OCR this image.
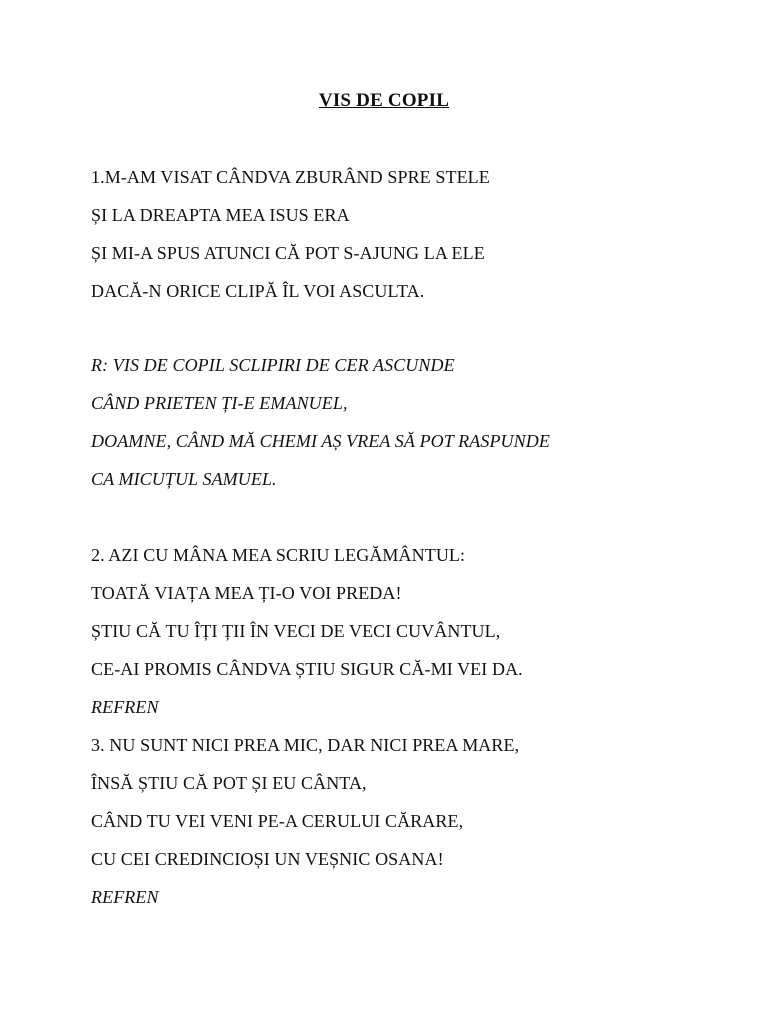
VIS DE COPIL
1.M-AM VISAT CÂNDVA ZBURÂND SPRE STELE
ȘI LA DREAPTA MEA ISUS ERA
ȘI MI-A SPUS ATUNCI CĂ POT S-AJUNG LA ELE
DACĂ-N ORICE CLIPĂ ÎL VOI ASCULTA.
R: VIS DE COPIL SCLIPIRI DE CER ASCUNDE
CÂND PRIETEN ȚI-E EMANUEL,
DOAMNE, CÂND MĂ CHEMI AȘ VREA SĂ POT RASPUNDE
CA MICUȚUL SAMUEL.
2. AZI CU MÂNA MEA SCRIU LEGĂMÂNTUL:
TOATĂ VIAȚA MEA ȚI-O VOI PREDA!
ȘTIU CĂ TU ÎȚI ȚII ÎN VECI DE VECI CUVÂNTUL,
CE-AI PROMIS CÂNDVA ȘTIU SIGUR CĂ-MI VEI DA.
REFREN
3. NU SUNT NICI PREA MIC, DAR NICI PREA MARE,
ÎNSĂ ȘTIU CĂ POT ȘI EU CÂNTA,
CÂND TU VEI VENI PE-A CERULUI CĂRARE,
CU CEI CREDINCIOȘI UN VEȘNIC OSANA!
REFREN
